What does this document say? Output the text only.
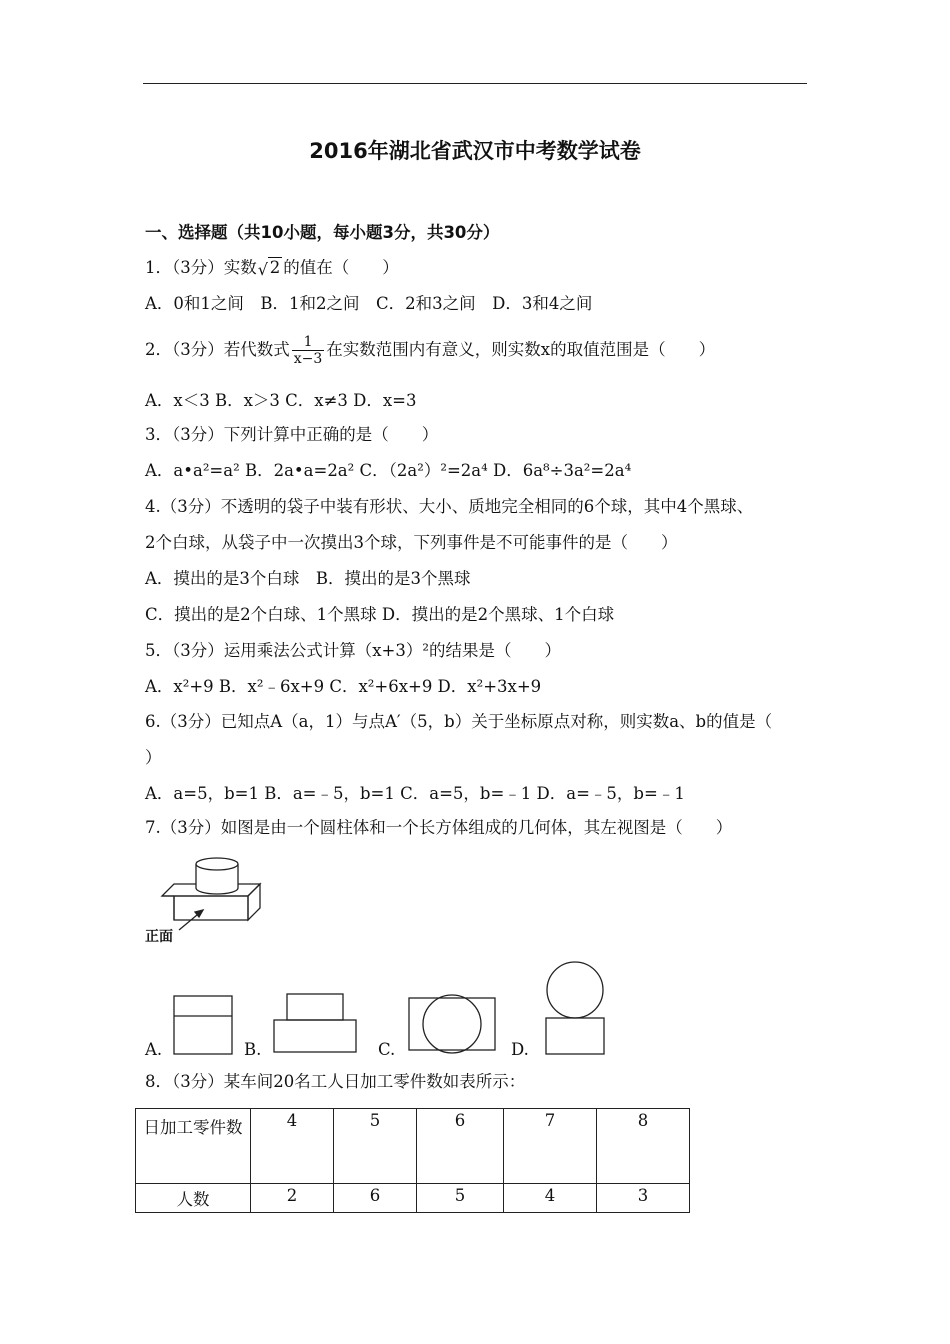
2016年湖北省武汉市中考数学试卷
一、选择题（共10小题，每小题3分，共30分）
1．（3分）实数 √ 2 的值在（　　）
A．0和1之间　B．1和2之间　C．2和3之间　D．3和4之间
2．（3分）若代数式 $\frac{1}{x-3}$ 在实数范围内有意义，则实数x的取值范围是（　　）
A．x＜3 B．x＞3 C．x≠3 D．x=3
3．（3分）下列计算中正确的是（　　）
A．a•a²=a² B．2a•a=2a² C．（2a²）²=2a⁴ D．6a⁸÷3a²=2a⁴
4.（3分）不透明的袋子中装有形状、大小、质地完全相同的6个球，其中4个黑球、
2个白球，从袋子中一次摸出3个球，下列事件是不可能事件的是（　　）
A．摸出的是3个白球　B．摸出的是3个黑球
C．摸出的是2个白球、1个黑球 D．摸出的是2个黑球、1个白球
5．（3分）运用乘法公式计算（x+3）²的结果是（　　）
A．x²+9 B．x²﹣6x+9 C．x²+6x+9 D．x²+3x+9
6.（3分）已知点A（a，1）与点A′（5，b）关于坐标原点对称，则实数a、b的值是（
）
A．a=5，b=1 B．a=﹣5，b=1 C．a=5，b=﹣1 D．a=﹣5，b=﹣1
7.（3分）如图是由一个圆柱体和一个长方体组成的几何体，其左视图是（　　）
正面
A.	B.	C.	D.
8．（3分）某车间20名工人日加工零件数如表所示：
日加工零件数	4	5	6	7	8
人数	2	6	5	4	3
